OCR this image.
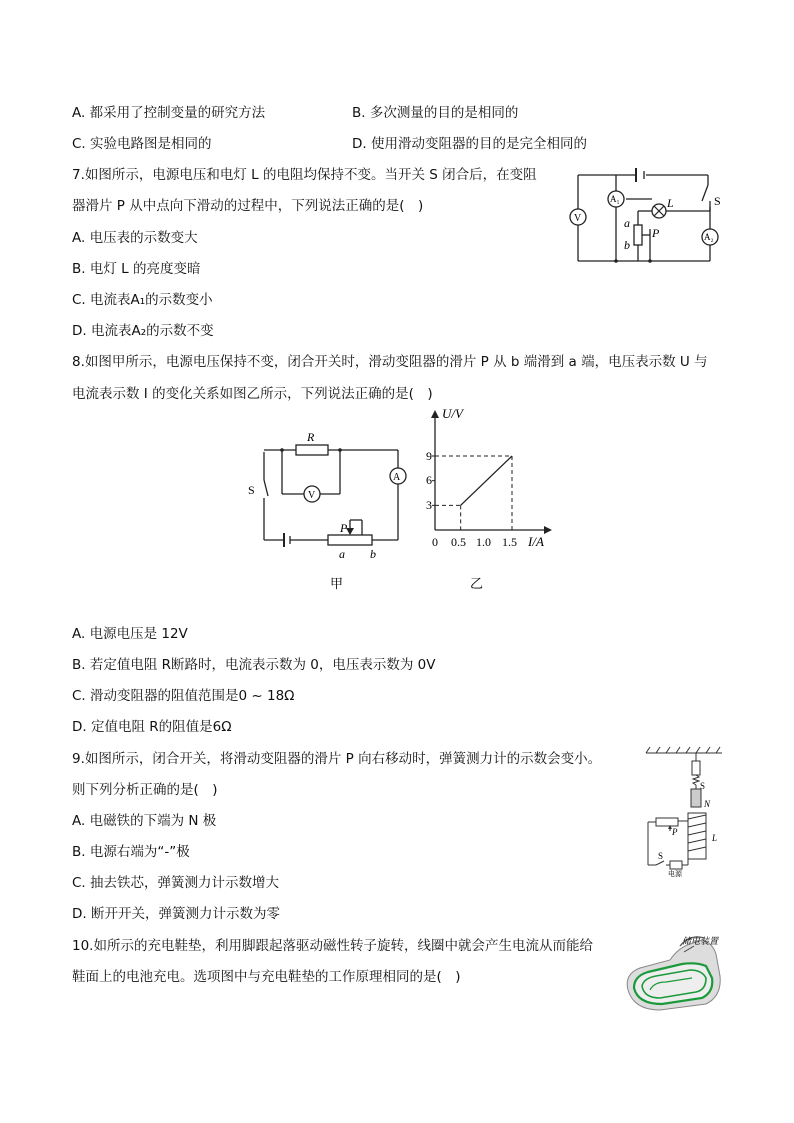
A. 都采用了控制变量的研究方法	B. 多次测量的目的是相同的
C. 实验电路图是相同的	D. 使用滑动变阻器的目的是完全相同的
7.如图所示，电源电压和电灯 L 的电阻均保持不变。当开关 S 闭合后，在变阻
器滑片 P 从中点向下滑动的过程中，下列说法正确的是(　)
A. 电压表的示数变大
B. 电灯 L 的亮度变暗
C. 电流表A₁的示数变小
D. 电流表A₂的示数不变
V
A₁
A₂
L	S
a
b
P
8.如图甲所示，电源电压保持不变，闭合开关时，滑动变阻器的滑片 P 从 b 端滑到 a 端，电压表示数 U 与
电流表示数 I 的变化关系如图乙所示，下列说法正确的是(　)
R
V
A
S
P
a b
甲
U/V
I/A
3
6
9
0 0.5 1.0 1.5
乙
A. 电源电压是 12V
B. 若定值电阻 R断路时，电流表示数为 0，电压表示数为 0V
C. 滑动变阻器的阻值范围是0 ~ 18Ω
D. 定值电阻 R的阻值是6Ω
9.如图所示，闭合开关，将滑动变阻器的滑片 P 向右移动时，弹簧测力计的示数会变小。
则下列分析正确的是(　)
A. 电磁铁的下端为 N 极
B. 电源右端为“-”极
C. 抽去铁芯，弹簧测力计示数增大
D. 断开开关，弹簧测力计示数为零
S
N
P
L
S
电源
10.如所示的充电鞋垫，利用脚跟起落驱动磁性转子旋转，线圈中就会产生电流从而能给
鞋面上的电池充电。选项图中与充电鞋垫的工作原理相同的是(　)
储电装置
